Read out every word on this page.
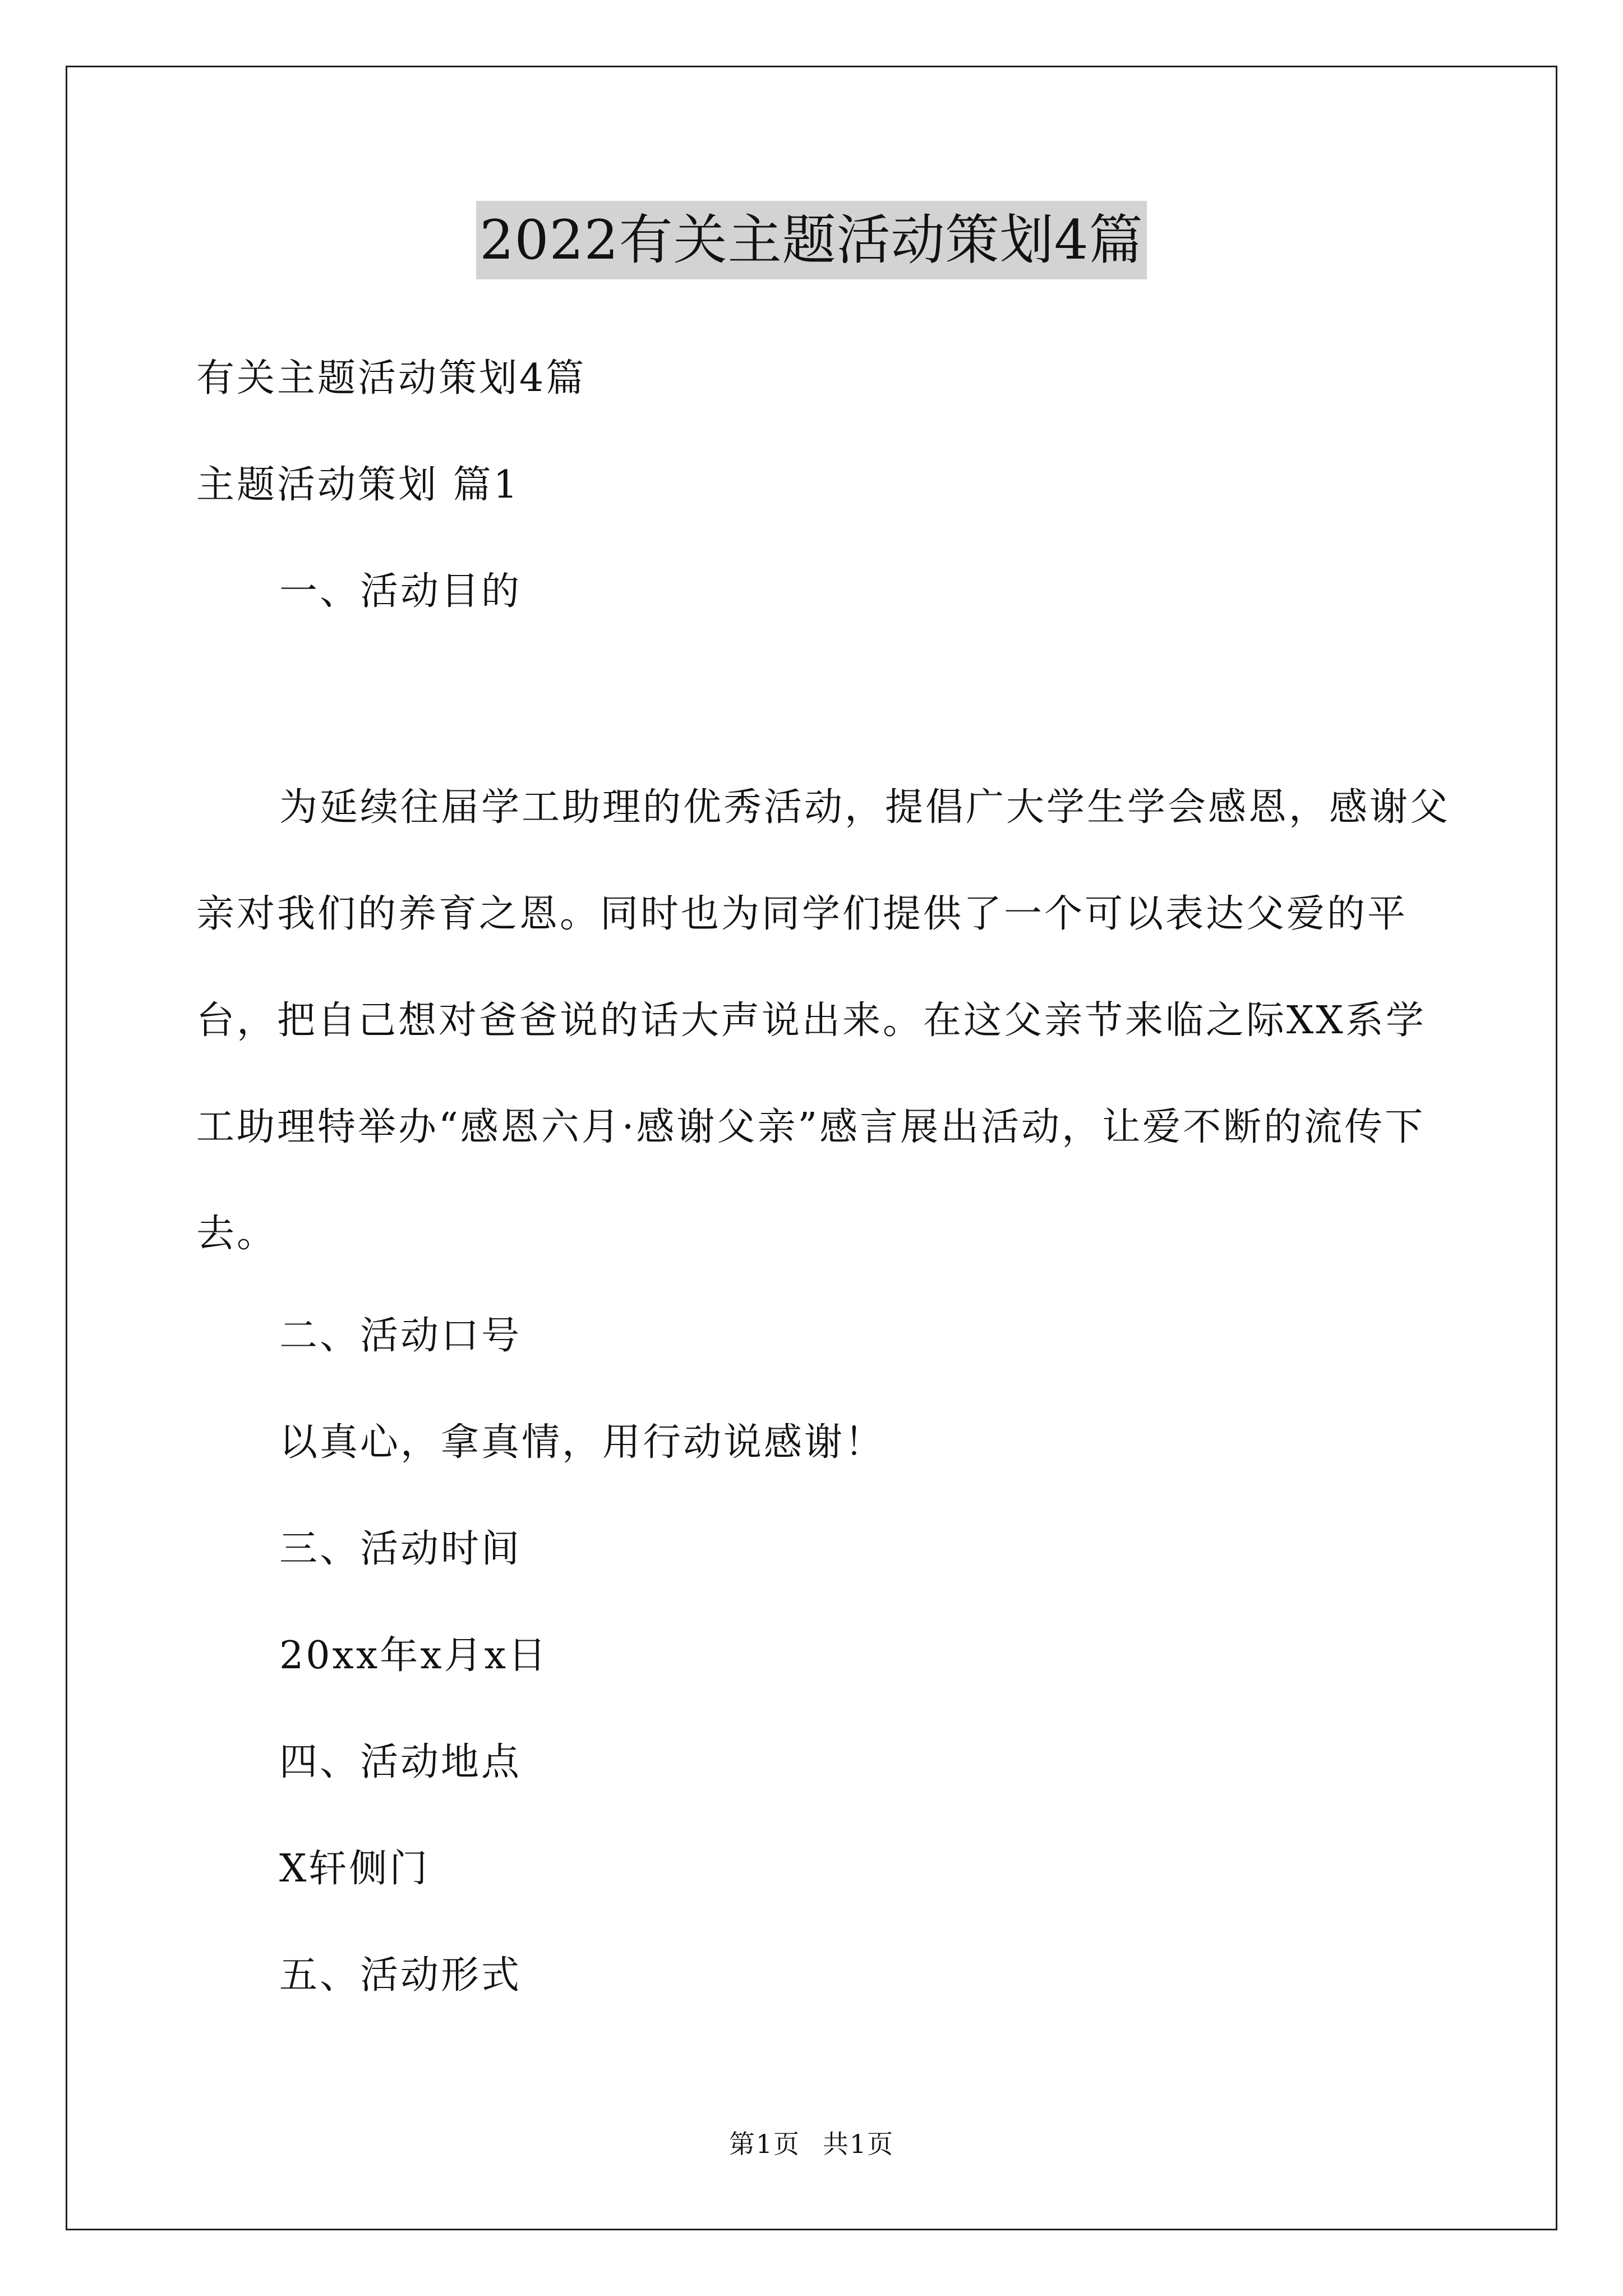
2022有关主题活动策划4篇
有关主题活动策划4篇
主题活动策划 篇1
一、活动目的

为延续往届学工助理的优秀活动，提倡广大学生学会感恩，感谢父亲对我们的养育之恩。同时也为同学们提供了一个可以表达父爱的平台，把自己想对爸爸说的话大声说出来。在这父亲节来临之际XX系学工助理特举办“感恩六月·感谢父亲”感言展出活动，让爱不断的流传下去。

二、活动口号
以真心，拿真情，用行动说感谢！
三、活动时间
20xx年x月x日
四、活动地点
X轩侧门
五、活动形式
第1页 共1页
